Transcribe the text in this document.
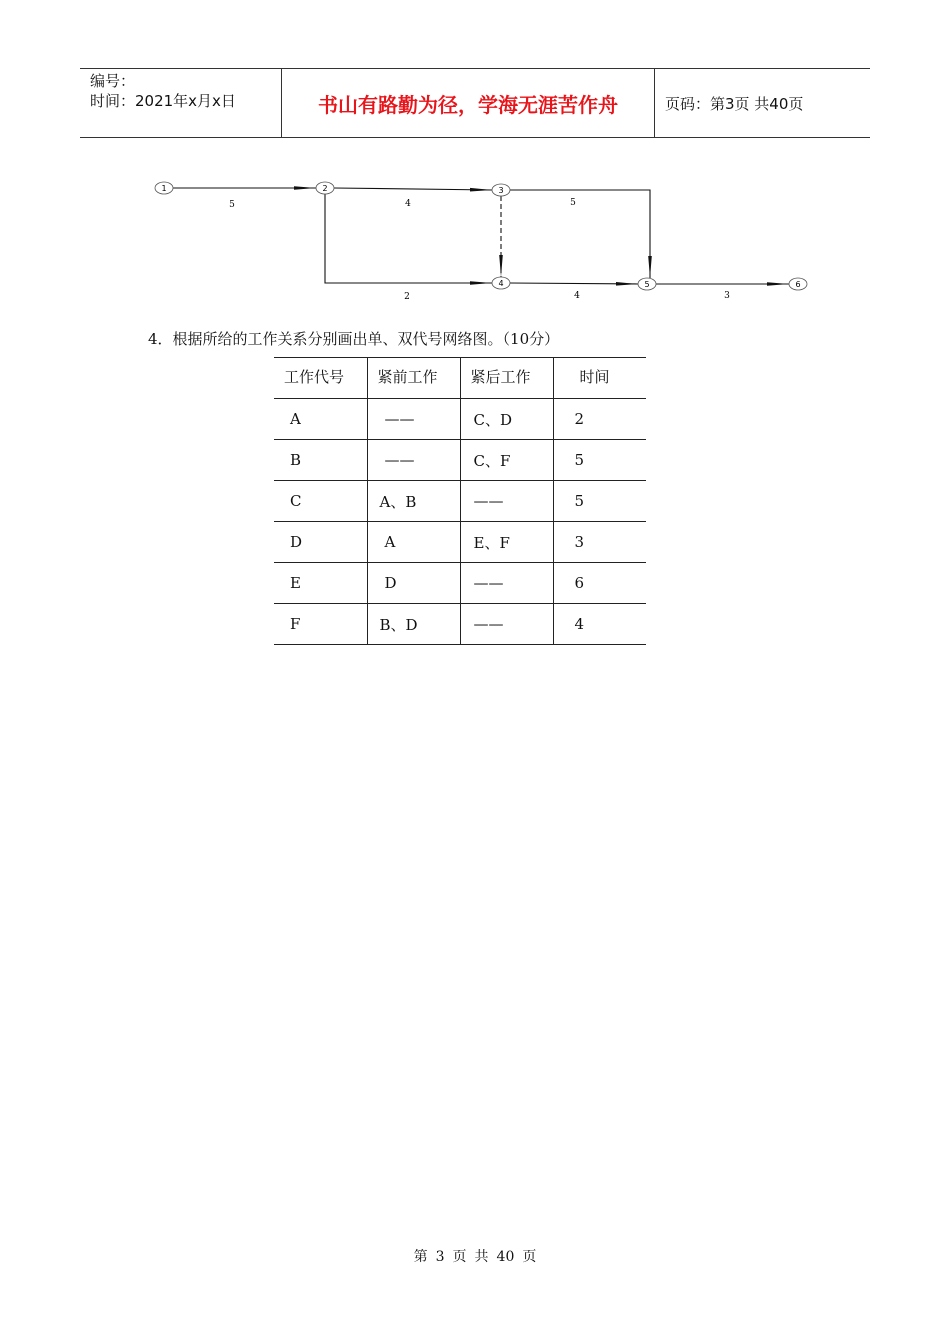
编号：
时间：2021年x月x日	书山有路勤为径，学海无涯苦作舟	页码：第3页 共40页
5	4	5
2	4	3
1	2	3
4	5	6
4．根据所给的工作关系分别画出单、双代号网络图。（10分）
工作代号	紧前工作	紧后工作	时间
A	——	C、D	2
B	——	C、F	5
C	A、B	——	5
D	A	E、F	3
E	D	——	6
F	B、D	——	4
第 3 页 共 40 页
